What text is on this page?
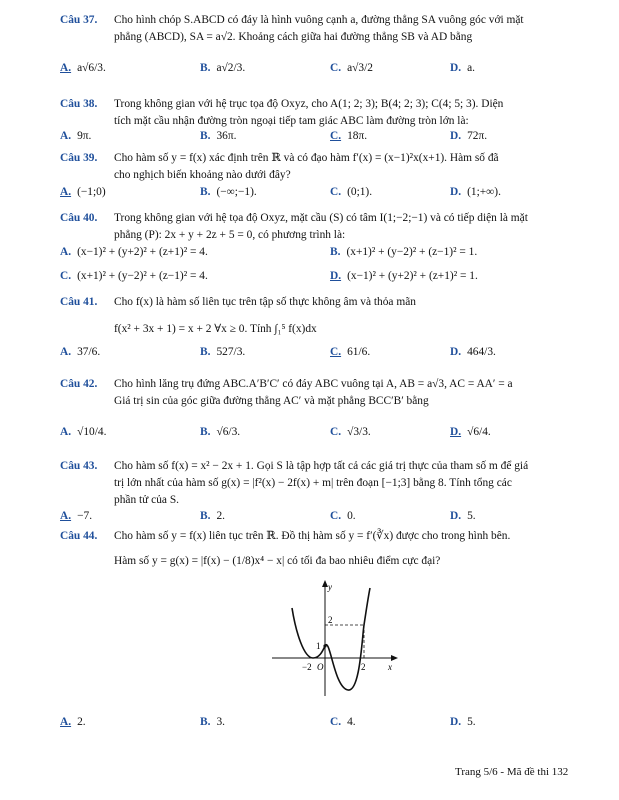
Câu 37. Cho hình chóp S.ABCD có đáy là hình vuông cạnh a, đường thẳng SA vuông góc với mặt
phẳng (ABCD), SA = a√2. Khoảng cách giữa hai đường thẳng SB và AD bằng
A. a√6/3.	B. a√2/3.	C. a√3/2	D. a.
Câu 38. Trong không gian với hệ trục tọa độ Oxyz, cho A(1; 2; 3); B(4; 2; 3); C(4; 5; 3). Diện
tích mặt cầu nhận đường tròn ngoại tiếp tam giác ABC làm đường tròn lớn là:
A. 9π.	B. 36π.	C. 18π.	D. 72π.
Câu 39. Cho hàm số y = f(x) xác định trên ℝ và có đạo hàm f′(x) = (x−1)²x(x+1). Hàm số đã
cho nghịch biến khoảng nào dưới đây?
A. (−1;0)	B. (−∞;−1).	C. (0;1).	D. (1;+∞).
Câu 40. Trong không gian với hệ tọa độ Oxyz, mặt cầu (S) có tâm I(1;−2;−1) và có tiếp diện là mặt
phẳng (P): 2x + y + 2z + 5 = 0, có phương trình là:
A. (x−1)² + (y+2)² + (z+1)² = 4.	B. (x+1)² + (y−2)² + (z−1)² = 1.
C. (x+1)² + (y−2)² + (z−1)² = 4.	D. (x−1)² + (y+2)² + (z+1)² = 1.
Câu 41. Cho f(x) là hàm số liên tục trên tập số thực không âm và thỏa mãn
f(x² + 3x + 1) = x + 2 ∀x ≥ 0. Tính ∫₁⁵ f(x)dx
A. 37/6.	B. 527/3.	C. 61/6.	D. 464/3.
Câu 42. Cho hình lăng trụ đứng ABC.A′B′C′ có đáy ABC vuông tại A, AB = a√3, AC = AA′ = a
Giá trị sin của góc giữa đường thẳng AC′ và mặt phẳng BCC′B′ bằng
A. √10/4.	B. √6/3.	C. √3/3.	D. √6/4.
Câu 43. Cho hàm số f(x) = x² − 2x + 1. Gọi S là tập hợp tất cả các giá trị thực của tham số m để giá
trị lớn nhất của hàm số g(x) = |f²(x) − 2f(x) + m| trên đoạn [−1;3] bằng 8. Tính tổng các
phần tử của S.
A. −7.	B. 2.	C. 0.	D. 5.
Câu 44. Cho hàm số y = f(x) liên tục trên ℝ. Đồ thị hàm số y = f′(∛x) được cho trong hình bên.
Hàm số y = g(x) = |f(x) − (1/8)x⁴ − x| có tối đa bao nhiêu điểm cực đại?
y
x
O
−2	2
1
2
A. 2.	B. 3.	C. 4.	D. 5.
Trang 5/6 - Mã đề thi 132
